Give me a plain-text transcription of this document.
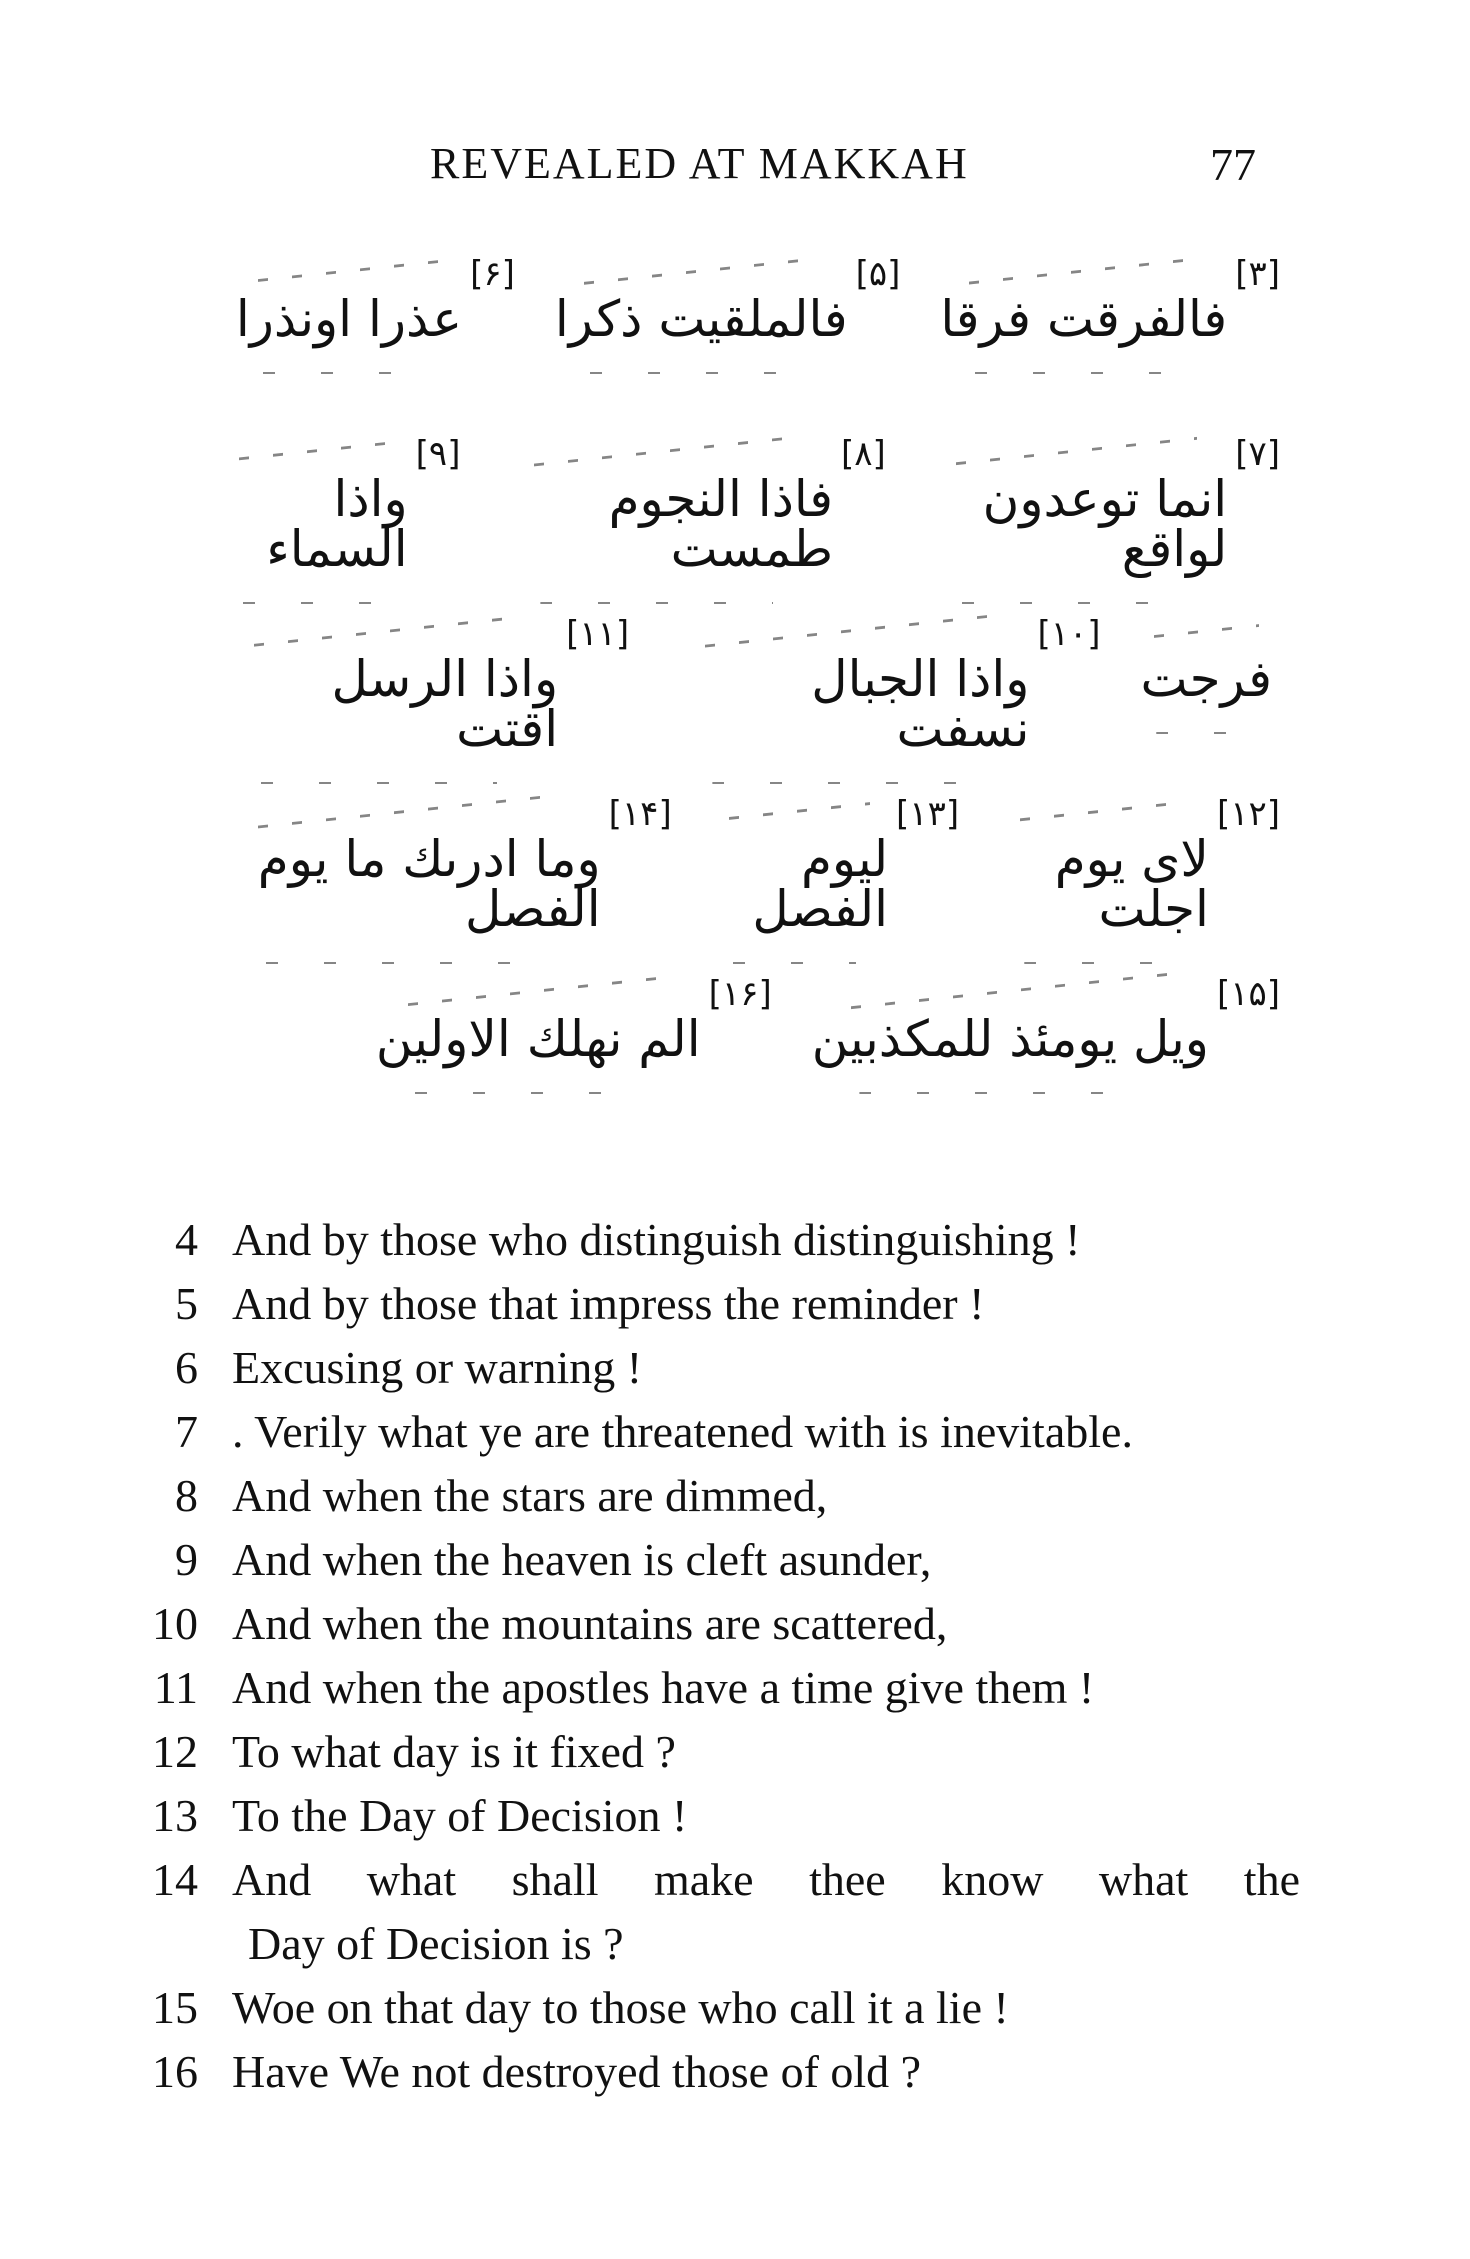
REVEALED AT MAKKAH	77
[۳]
فالفرقت فرقا
[۵]
فالملقيت ذكرا
[۶]
عذرا اونذرا
[۷]
انما توعدون لواقع
[۸]
فاذا النجوم طمست
[۹]
واذا السماء
فرجت
[۱۰]
واذا الجبال نسفت
[۱۱]
واذا الرسل اقتت
[۱۲]
لاى يوم اجلت
[۱۳]
ليوم الفصل
[۱۴]
وما ادرىك ما يوم الفصل
[۱۵]
ويل يومئذ للمكذبين
[۱۶]
الم نهلك الاولين
4 And by those who distinguish distinguishing !
5 And by those that impress the reminder !
6 Excusing or warning !
7 . Verily what ye are threatened with is inevitable.
8 And when the stars are dimmed,
9 And when the heaven is cleft asunder,
10 And when the mountains are scattered,
11 And when the apostles have a time give them !
12 To what day is it fixed ?
13 To the Day of Decision !
14 And what shall make thee know what the
Day of Decision is ?
15 Woe on that day to those who call it a lie !
16 Have We not destroyed those of old ?
